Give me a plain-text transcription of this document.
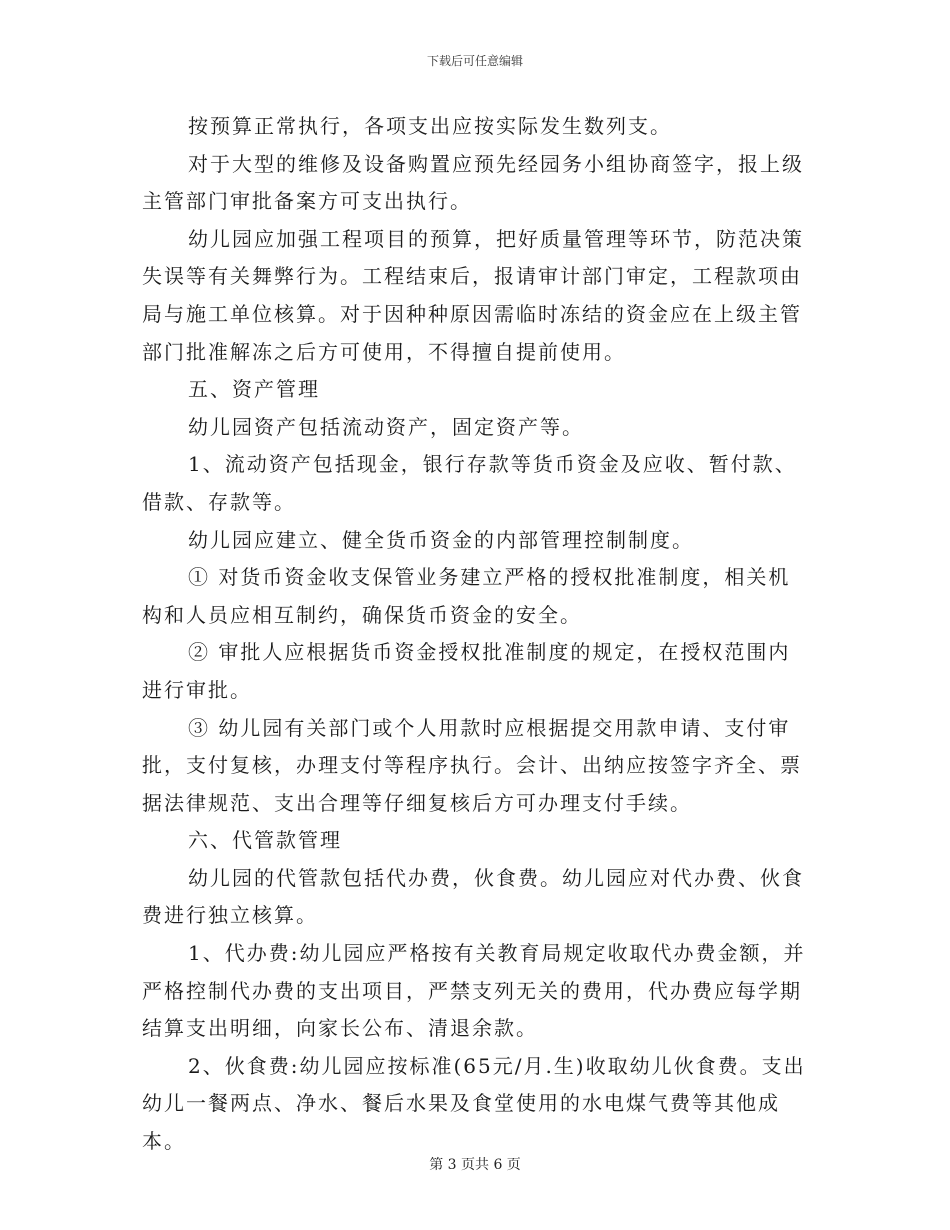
下载后可任意编辑

按预算正常执行，各项支出应按实际发生数列支。

对于大型的维修及设备购置应预先经园务小组协商签字，报上级主管部门审批备案方可支出执行。

幼儿园应加强工程项目的预算，把好质量管理等环节，防范决策失误等有关舞弊行为。工程结束后，报请审计部门审定，工程款项由局与施工单位核算。对于因种种原因需临时冻结的资金应在上级主管部门批准解冻之后方可使用，不得擅自提前使用。

五、资产管理

幼儿园资产包括流动资产，固定资产等。

1、流动资产包括现金，银行存款等货币资金及应收、暂付款、借款、存款等。

幼儿园应建立、健全货币资金的内部管理控制制度。

① 对货币资金收支保管业务建立严格的授权批准制度，相关机构和人员应相互制约，确保货币资金的安全。

② 审批人应根据货币资金授权批准制度的规定，在授权范围内进行审批。

③ 幼儿园有关部门或个人用款时应根据提交用款申请、支付审批，支付复核，办理支付等程序执行。会计、出纳应按签字齐全、票据法律规范、支出合理等仔细复核后方可办理支付手续。

六、代管款管理

幼儿园的代管款包括代办费，伙食费。幼儿园应对代办费、伙食费进行独立核算。

1、代办费:幼儿园应严格按有关教育局规定收取代办费金额，并严格控制代办费的支出项目，严禁支列无关的费用，代办费应每学期结算支出明细，向家长公布、清退余款。

2、伙食费:幼儿园应按标准(65元/月.生)收取幼儿伙食费。支出幼儿一餐两点、净水、餐后水果及食堂使用的水电煤气费等其他成本。

第 3 页共 6 页
